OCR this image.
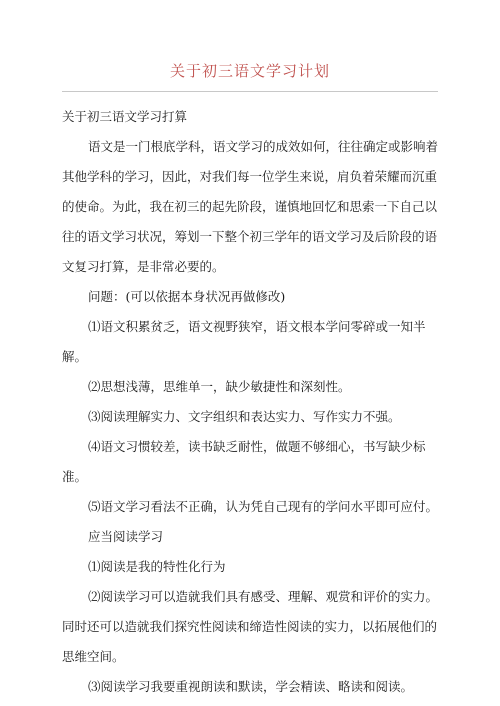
关于初三语文学习计划
关于初三语文学习打算
语文是一门根底学科，语文学习的成效如何，往往确定或影响着
其他学科的学习，因此，对我们每一位学生来说，肩负着荣耀而沉重
的使命。为此，我在初三的起先阶段，谨慎地回忆和思索一下自己以
往的语文学习状况，筹划一下整个初三学年的语文学习及后阶段的语
文复习打算，是非常必要的。
问题：(可以依据本身状况再做修改)
⑴语文积累贫乏，语文视野狭窄，语文根本学问零碎或一知半
解。
⑵思想浅薄，思维单一，缺少敏捷性和深刻性。
⑶阅读理解实力、文字组织和表达实力、写作实力不强。
⑷语文习惯较差，读书缺乏耐性，做题不够细心，书写缺少标
准。
⑸语文学习看法不正确，认为凭自己现有的学问水平即可应付。
应当阅读学习
⑴阅读是我的特性化行为
⑵阅读学习可以造就我们具有感受、理解、观赏和评价的实力。
同时还可以造就我们探究性阅读和缔造性阅读的实力，以拓展他们的
思维空间。
⑶阅读学习我要重视朗读和默读，学会精读、略读和阅读。
